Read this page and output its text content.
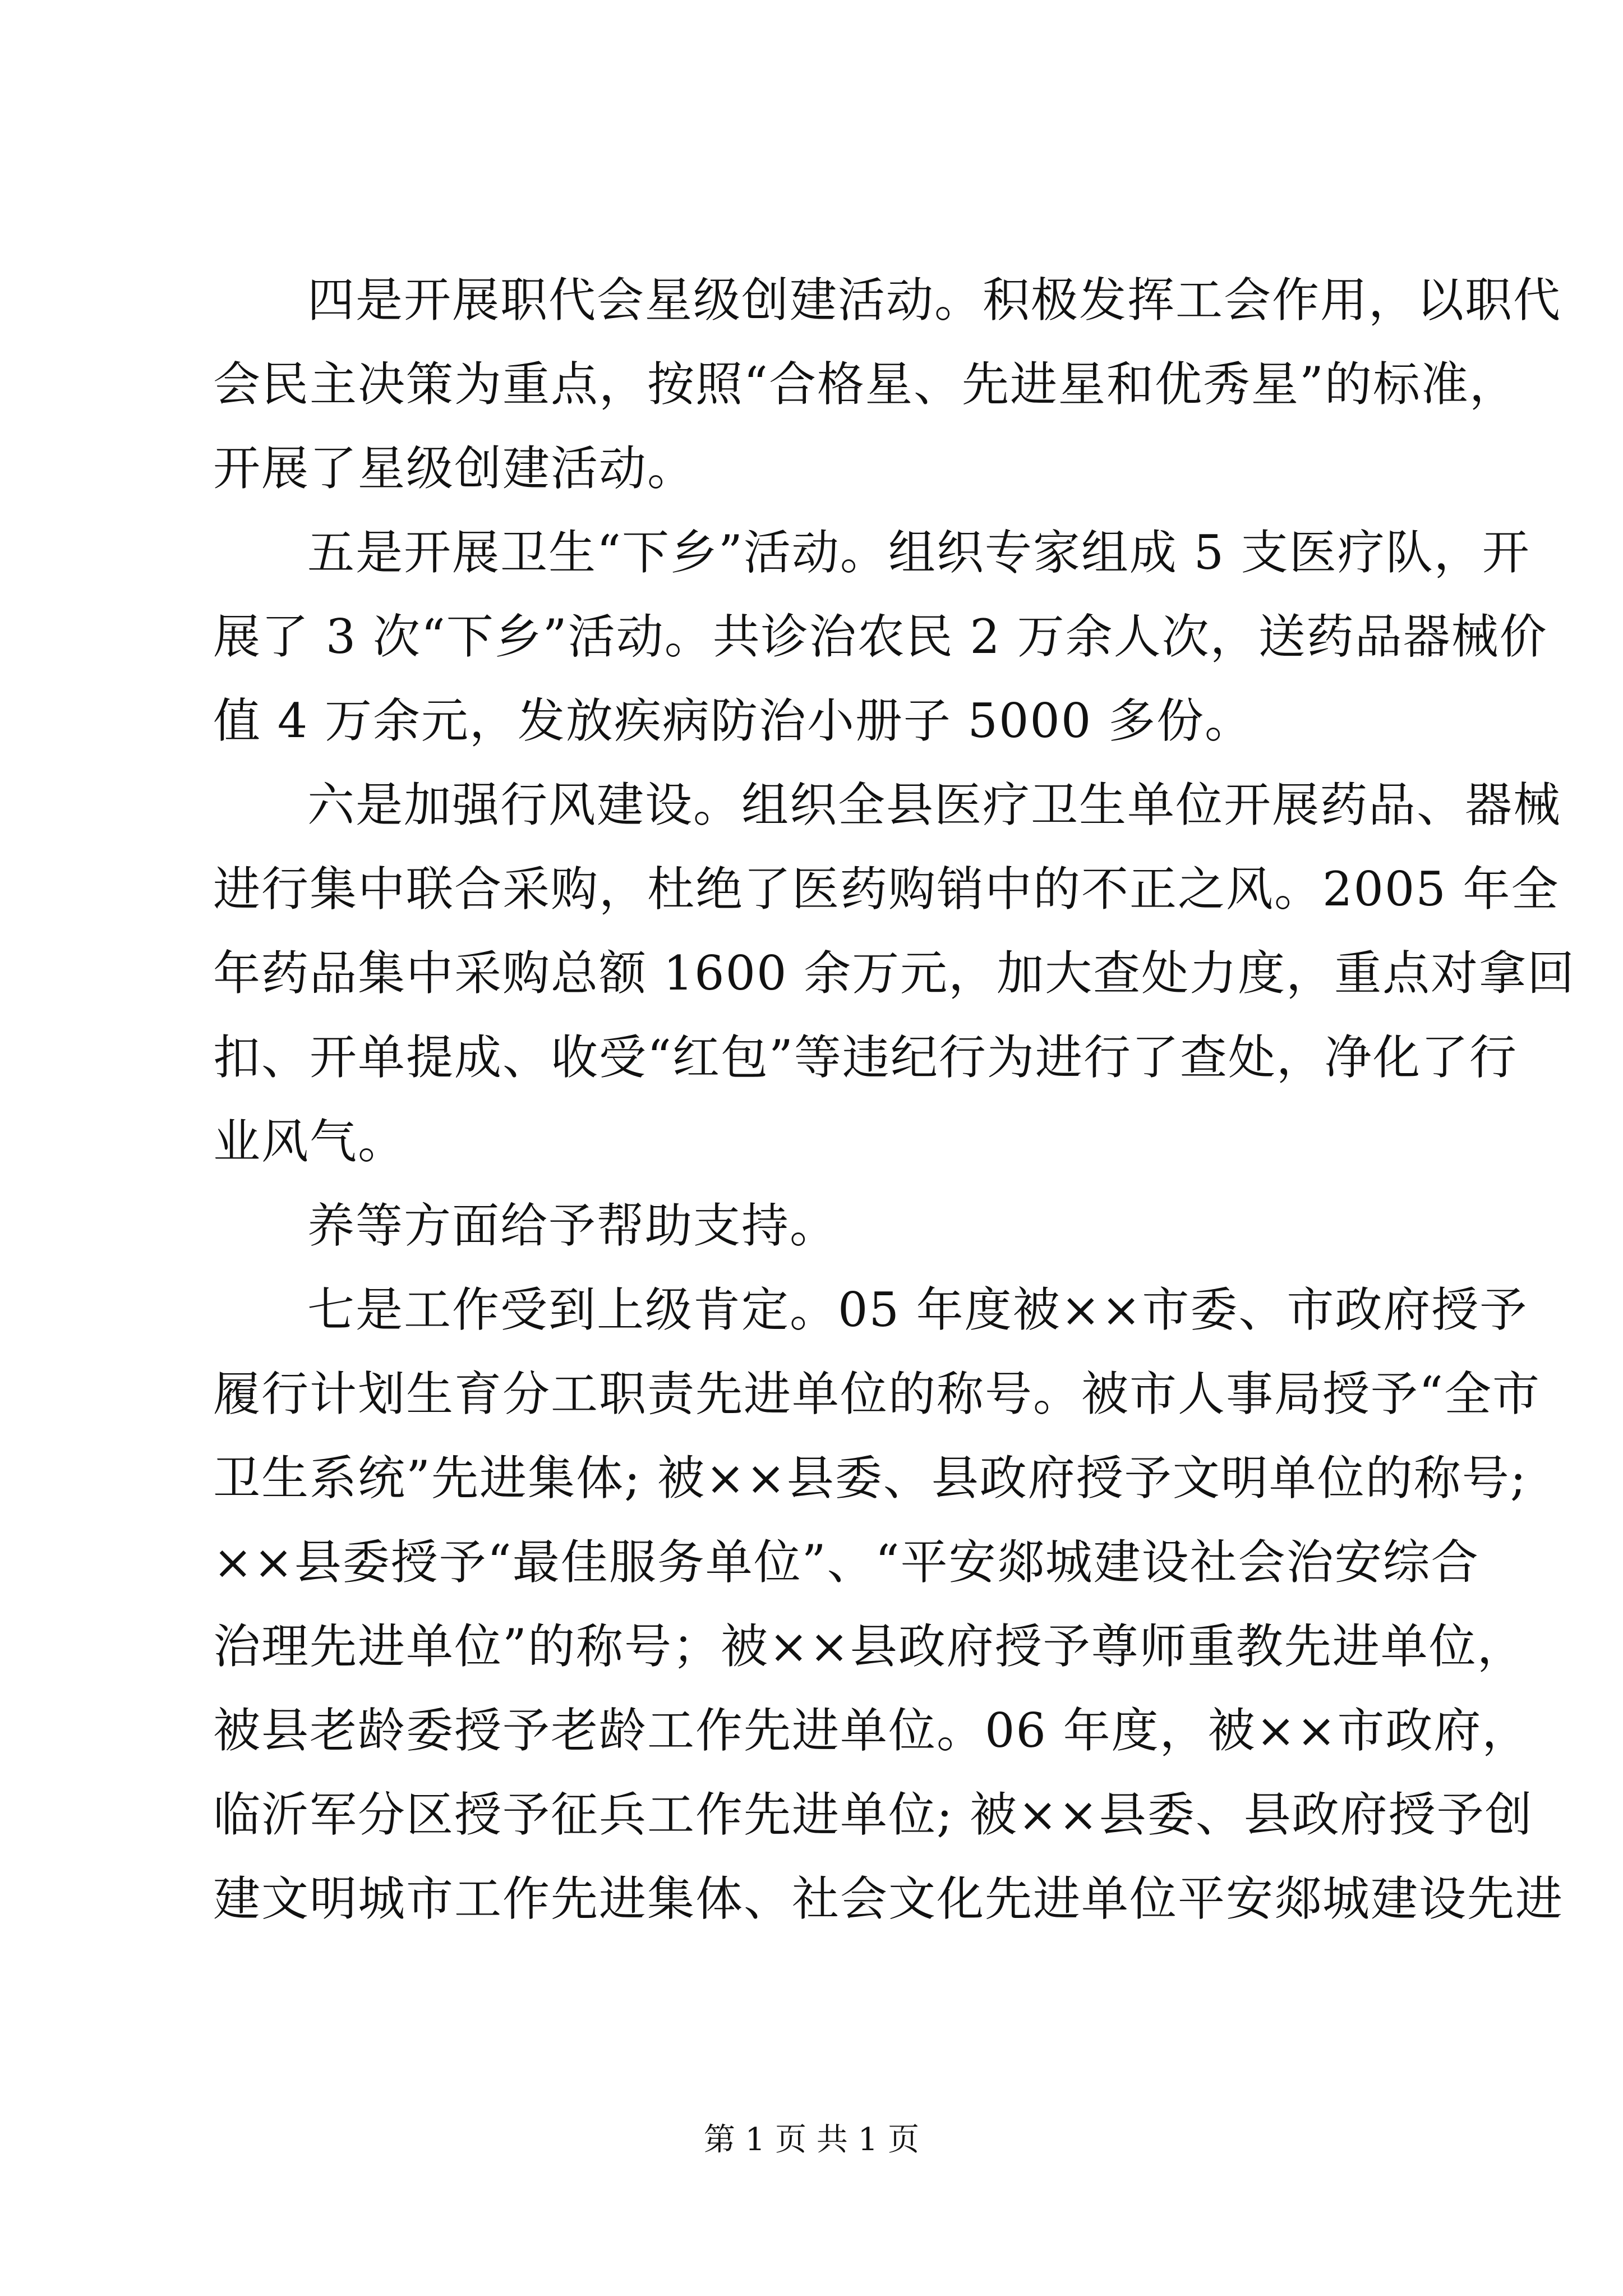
四是开展职代会星级创建活动。积极发挥工会作用，以职代
会民主决策为重点，按照“合格星、先进星和优秀星”的标准，
开展了星级创建活动。
五是开展卫生“下乡”活动。组织专家组成 5 支医疗队，开
展了 3 次“下乡”活动。共诊治农民 2 万余人次，送药品器械价
值 4 万余元，发放疾病防治小册子 5000 多份。
六是加强行风建设。组织全县医疗卫生单位开展药品、器械
进行集中联合采购，杜绝了医药购销中的不正之风。2005 年全
年药品集中采购总额 1600 余万元，加大查处力度，重点对拿回
扣、开单提成、收受“红包”等违纪行为进行了查处，净化了行
业风气。
养等方面给予帮助支持。
七是工作受到上级肯定。05 年度被××市委、市政府授予
履行计划生育分工职责先进单位的称号。被市人事局授予“全市
卫生系统”先进集体; 被××县委、县政府授予文明单位的称号;
××县委授予“最佳服务单位”、“平安郯城建设社会治安综合
治理先进单位”的称号；被××县政府授予尊师重教先进单位，
被县老龄委授予老龄工作先进单位。06 年度，被××市政府，
临沂军分区授予征兵工作先进单位; 被××县委、县政府授予创
建文明城市工作先进集体、社会文化先进单位平安郯城建设先进
第 1 页 共 1 页
